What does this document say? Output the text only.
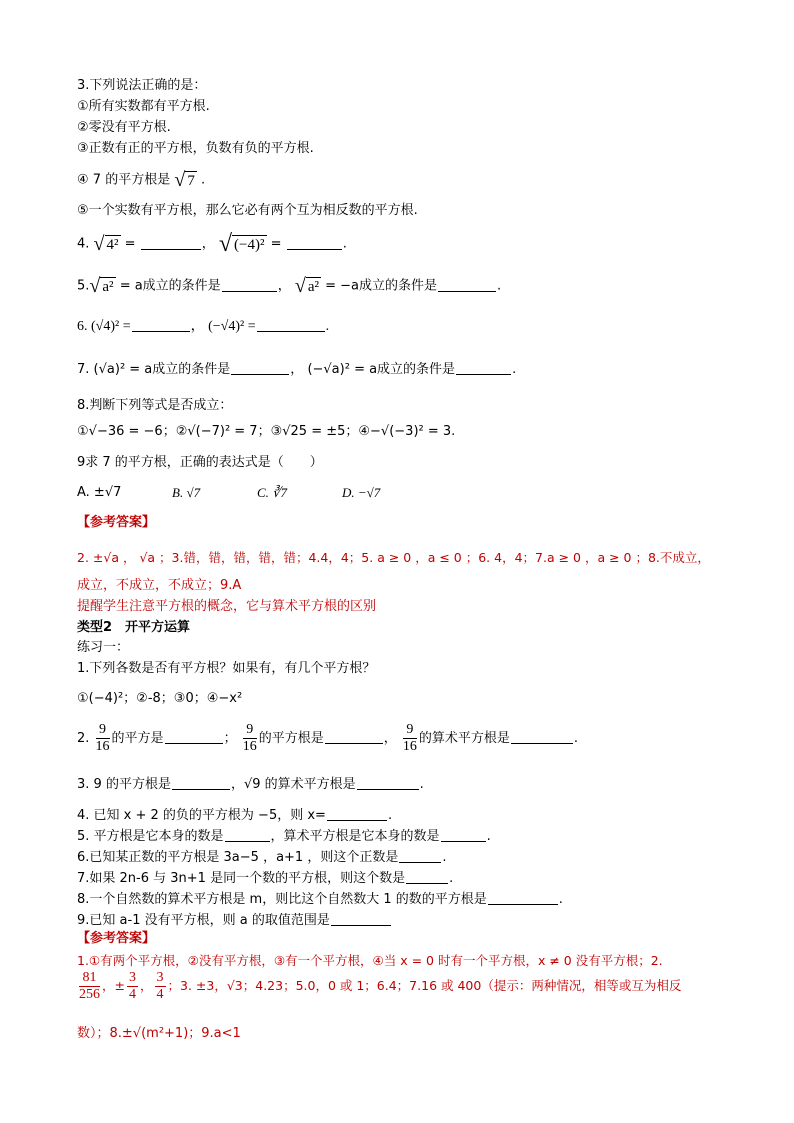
3.下列说法正确的是：
①所有实数都有平方根.
②零没有平方根.
③正数有正的平方根，负数有负的平方根.
④ 7 的平方根是 √ 7 .
⑤一个实数有平方根，那么它必有两个互为相反数的平方根.
4. √ 4² =	， √ (−4)² =	.
5.√ a² = a成立的条件是	， √ a² = −a成立的条件是	.
6. (√4)² =	， (−√4)² =	.
7. (√a)² = a成立的条件是	， (−√a)² = a成立的条件是	.
8.判断下列等式是否成立：
①√−36 = −6；②√(−7)² = 7；③√25 = ±5；④−√(−3)² = 3.
9求 7 的平方根，正确的表达式是（　　）
A. ±√7	B. √7	C. ∛7	D. −√7
【参考答案】
2. ±√a ， √a ；3.错，错，错，错，错；4.4，4；5. a ≥ 0 ，a ≤ 0 ；6. 4，4；7.a ≥ 0 ，a ≥ 0 ；8.不成立，
成立，不成立，不成立；9.A
提醒学生注意平方根的概念，它与算术平方根的区别
类型2　开平方运算
练习一：
1.下列各数是否有平方根？如果有，有几个平方根？
①(−4)²；②-8；③0；④−x²
2. $\frac{9}{16}$ 的平方是	； $\frac{9}{16}$ 的平方根是	， $\frac{9}{16}$ 的算术平方根是	.
3. 9 的平方根是	，√9 的算术平方根是	.
4. 已知 x + 2 的负的平方根为 −5，则 x=	.
5. 平方根是它本身的数是	，算术平方根是它本身的数是	.
6.已知某正数的平方根是 3a−5 ，a+1 ，则这个正数是	.
7.如果 2n-6 与 3n+1 是同一个数的平方根，则这个数是	.
8.一个自然数的算术平方根是 m，则比这个自然数大 1 的数的平方根是	.
9.已知 a-1 没有平方根，则 a 的取值范围是
【参考答案】
1.①有两个平方根，②没有平方根，③有一个平方根，④当 x = 0 时有一个平方根，x ≠ 0 没有平方根；2.
$\frac{81}{256}$ ，± $\frac{3}{4}$ ， $\frac{3}{4}$ ；3. ±3，√3；4.23；5.0，0 或 1；6.4；7.16 或 400（提示：两种情况，相等或互为相反
数）；8.±√(m²+1)；9.a<1
